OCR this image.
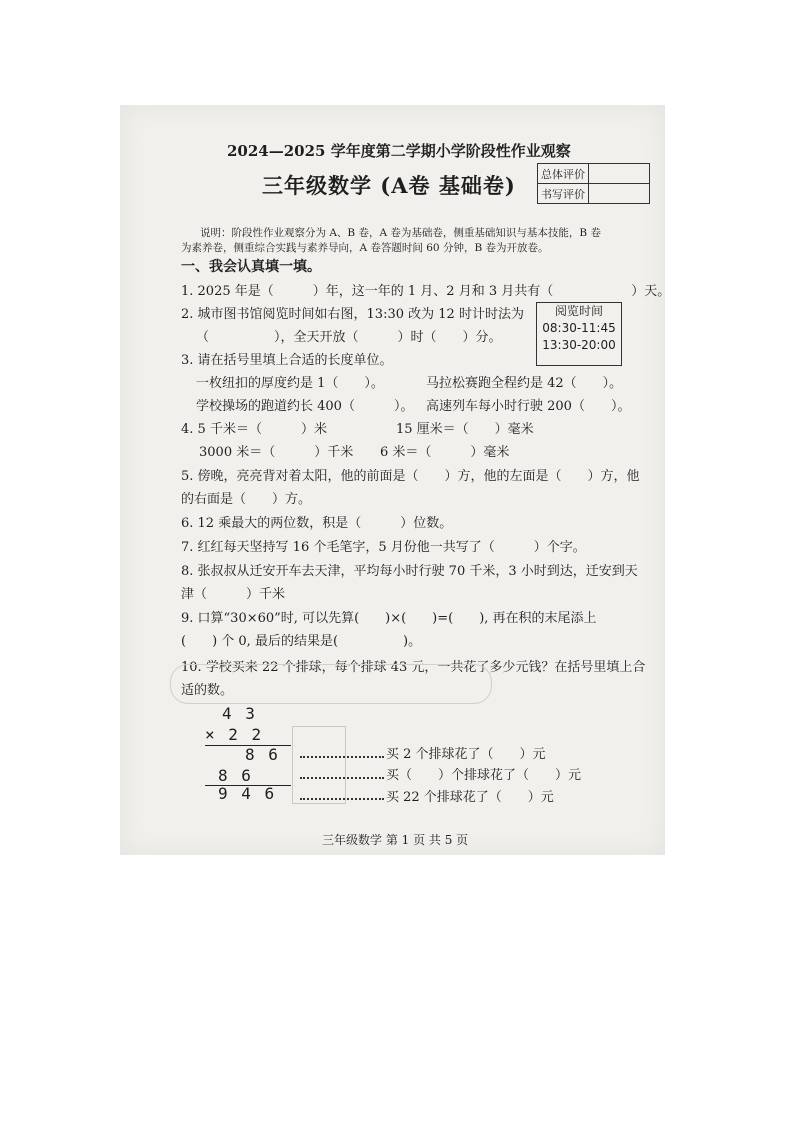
2024—2025 学年度第二学期小学阶段性作业观察
三年级数学 (A卷 基础卷) 总体评价	
书写评价	
说明：阶段性作业观察分为 A、B 卷，A 卷为基础卷，侧重基础知识与基本技能，B 卷
为素养卷，侧重综合实践与素养导向，A 卷答题时间 60 分钟，B 卷为开放卷。
一、我会认真填一填。
1. 2025 年是（　　　）年，这一年的 1 月、2 月和 3 月共有（　　　　　　）天。
2. 城市图书馆阅览时间如右图，13:30 改为 12 时计时法为
（　　　　　），全天开放（　　　）时（　　）分。
阅览时间
08:30-11:45
13:30-20:00
3. 请在括号里填上合适的长度单位。
一枚纽扣的厚度约是 1（　　）。	马拉松赛跑全程约是 42（　　）。
学校操场的跑道约长 400（　　　）。 高速列车每小时行驶 200（　　）。
4. 5 千米＝（　　　）米	15 厘米＝（　　）毫米
3000 米＝（　　　）千米 6 米＝（　　　）毫米
5. 傍晚，亮亮背对着太阳，他的前面是（　　）方，他的左面是（　　）方，他
的右面是（　　）方。
6. 12 乘最大的两位数，积是（　　　）位数。
7. 红红每天坚持写 16 个毛笔字，5 月份他一共写了（　　　）个字。
8. 张叔叔从迁安开车去天津，平均每小时行驶 70 千米，3 小时到达，迁安到天
津（　　　）千米
9. 口算“30×60”时, 可以先算(　　)×(　　)=(　　), 再在积的末尾添上
(　　) 个 0, 最后的结果是(　　　　　)。
10. 学校买来 22 个排球，每个排球 43 元，一共花了多少元钱？在括号里填上合
适的数。
4 3
× 2 2
8 6
8 6
9 4 6
买 2 个排球花了（　　）元
买（　　）个排球花了（　　）元
买 22 个排球花了（　　）元
三年级数学 第 1 页 共 5 页
